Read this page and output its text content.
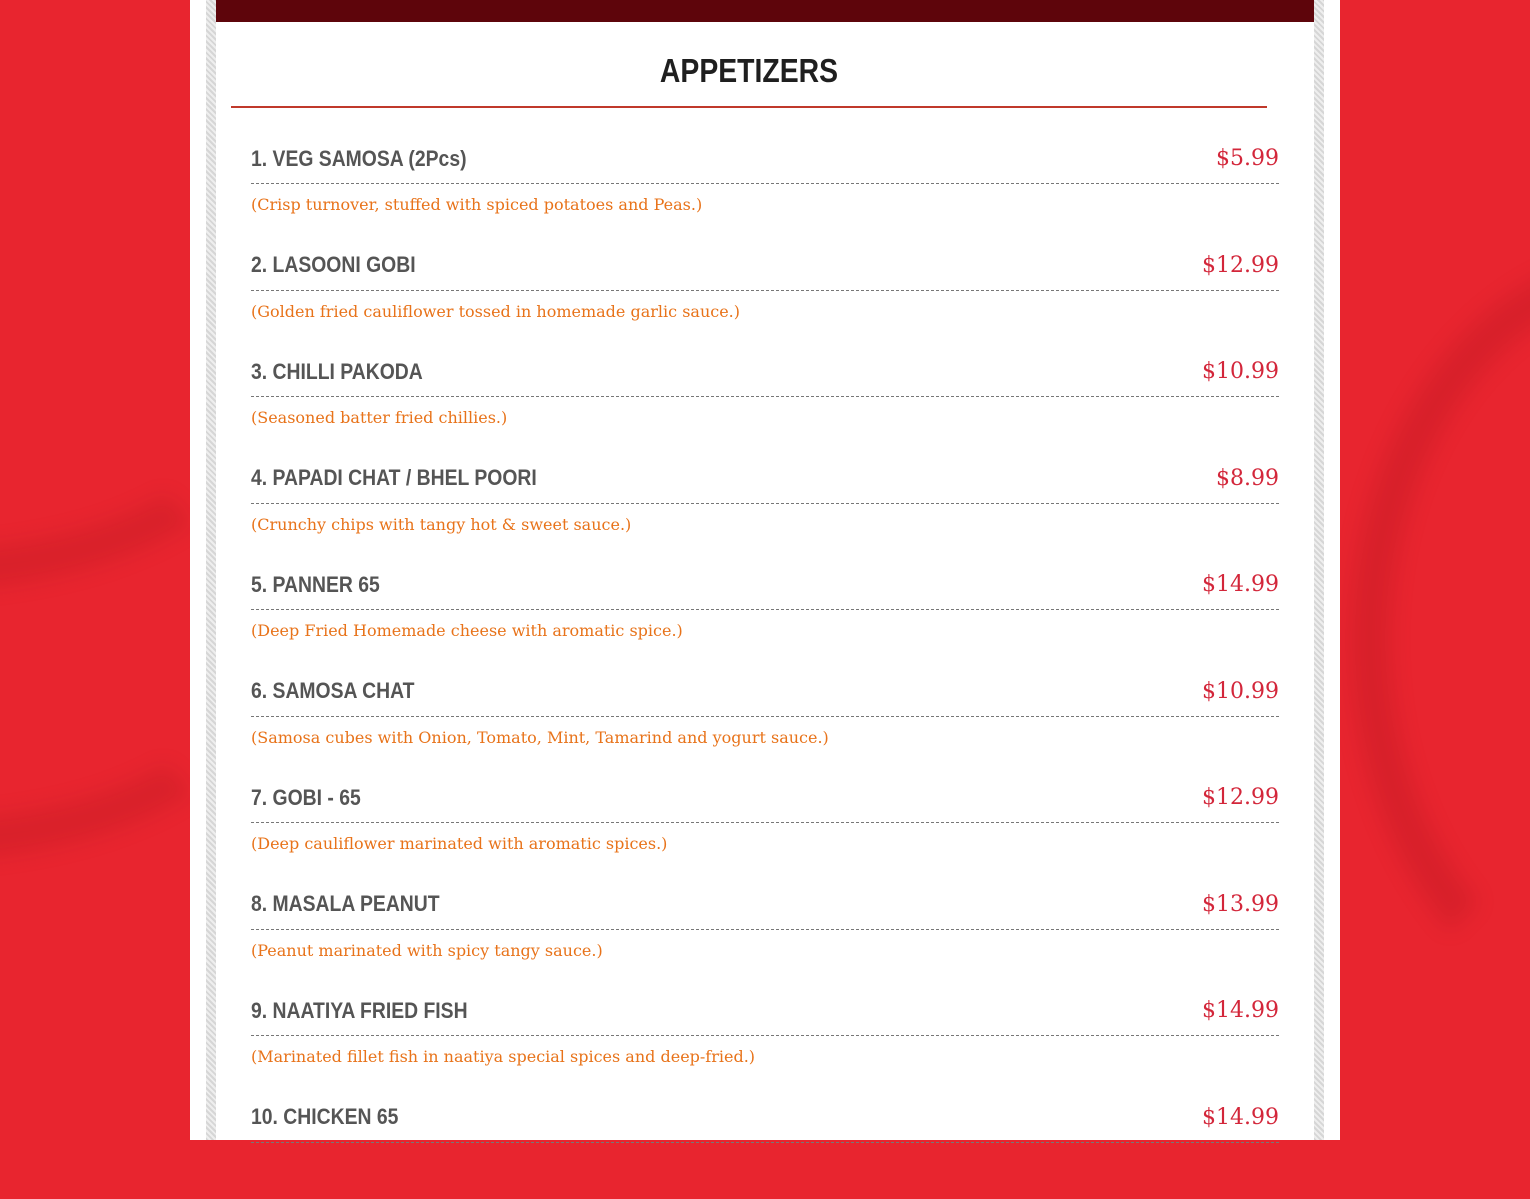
APPETIZERS
1. VEG SAMOSA (2Pcs)	$5.99
(Crisp turnover, stuffed with spiced potatoes and Peas.)
2. LASOONI GOBI	$12.99
(Golden fried cauliflower tossed in homemade garlic sauce.)
3. CHILLI PAKODA	$10.99
(Seasoned batter fried chillies.)
4. PAPADI CHAT / BHEL POORI	$8.99
(Crunchy chips with tangy hot & sweet sauce.)
5. PANNER 65	$14.99
(Deep Fried Homemade cheese with aromatic spice.)
6. SAMOSA CHAT	$10.99
(Samosa cubes with Onion, Tomato, Mint, Tamarind and yogurt sauce.)
7. GOBI - 65	$12.99
(Deep cauliflower marinated with aromatic spices.)
8. MASALA PEANUT	$13.99
(Peanut marinated with spicy tangy sauce.)
9. NAATIYA FRIED FISH	$14.99
(Marinated fillet fish in naatiya special spices and deep-fried.)
10. CHICKEN 65	$14.99
